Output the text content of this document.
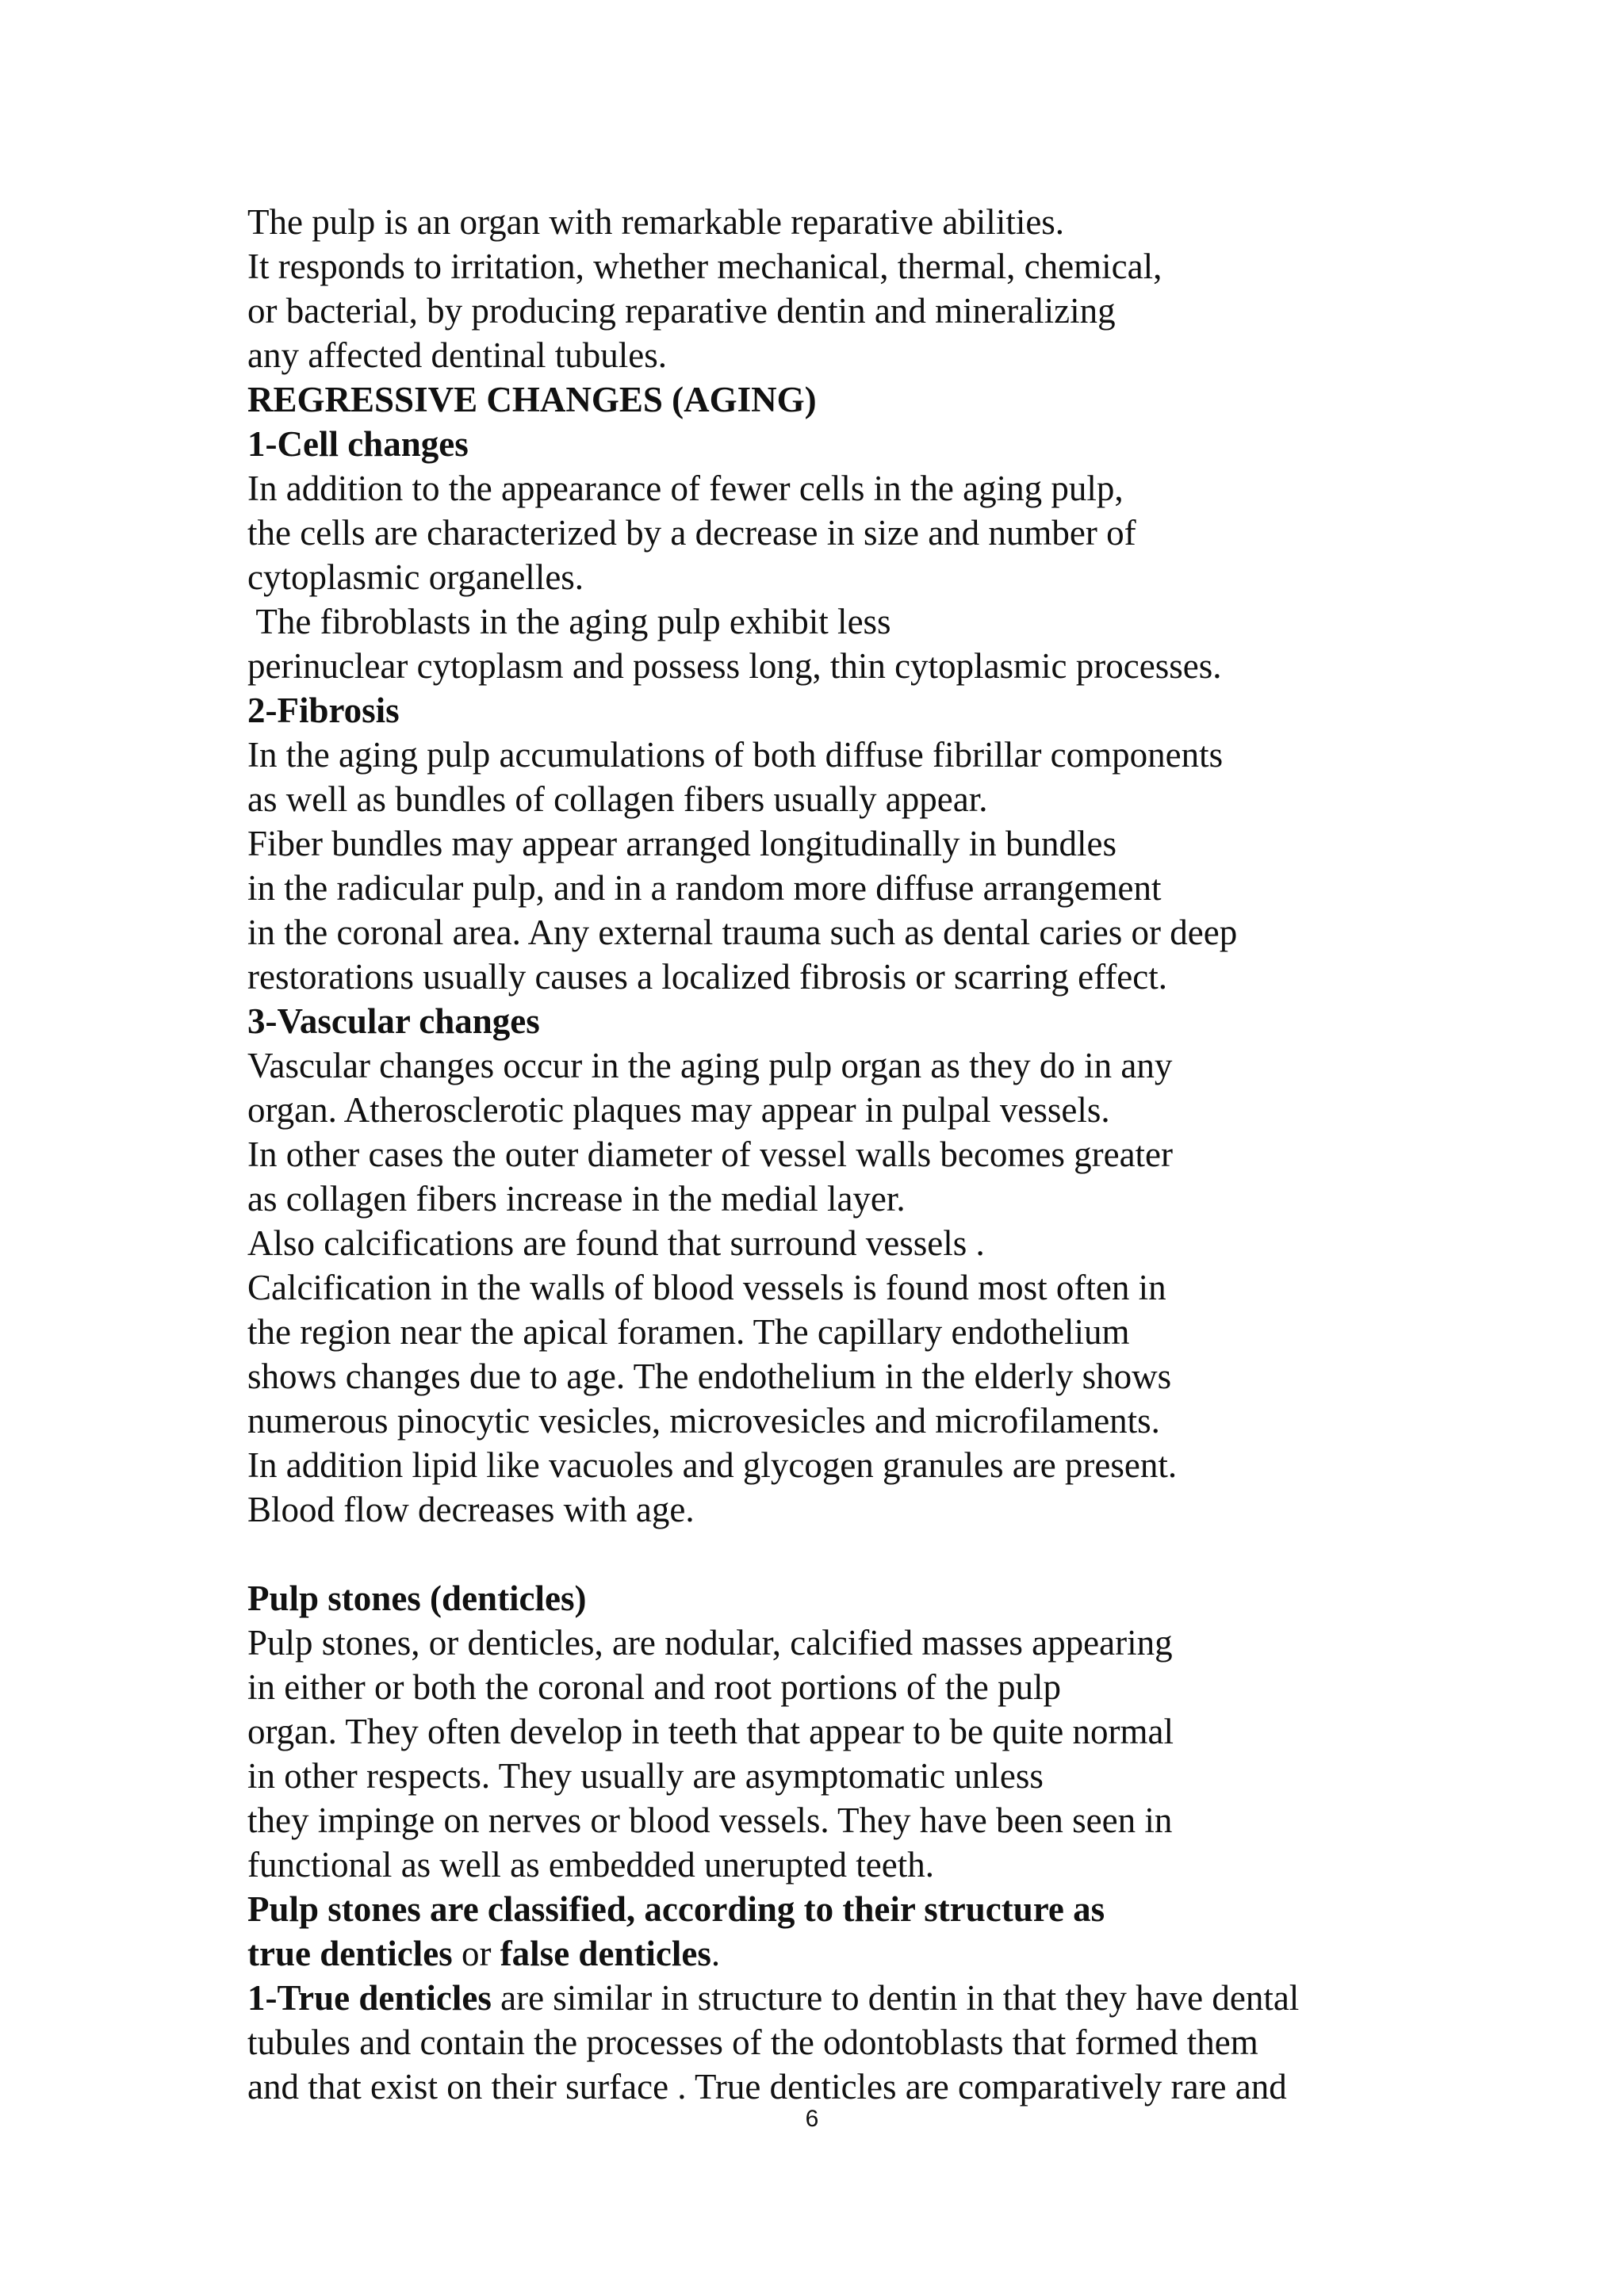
The pulp is an organ with remarkable reparative abilities.
It responds to irritation, whether mechanical, thermal, chemical,
or bacterial, by producing reparative dentin and mineralizing
any affected dentinal tubules.
REGRESSIVE CHANGES (AGING)
1-Cell changes
In addition to the appearance of fewer cells in the aging pulp,
the cells are characterized by a decrease in size and number of
cytoplasmic organelles.
The fibroblasts in the aging pulp exhibit less
perinuclear cytoplasm and possess long, thin cytoplasmic processes.
2-Fibrosis
In the aging pulp accumulations of both diffuse fibrillar components
as well as bundles of collagen fibers usually appear.
Fiber bundles may appear arranged longitudinally in bundles
in the radicular pulp, and in a random more diffuse arrangement
in the coronal area. Any external trauma such as dental caries or deep
restorations usually causes a localized fibrosis or scarring effect.
3-Vascular changes
Vascular changes occur in the aging pulp organ as they do in any
organ. Atherosclerotic plaques may appear in pulpal vessels.
In other cases the outer diameter of vessel walls becomes greater
as collagen fibers increase in the medial layer.
Also calcifications are found that surround vessels .
Calcification in the walls of blood vessels is found most often in
the region near the apical foramen. The capillary endothelium
shows changes due to age. The endothelium in the elderly shows
numerous pinocytic vesicles, microvesicles and microfilaments.
In addition lipid like vacuoles and glycogen granules are present.
Blood flow decreases with age.
Pulp stones (denticles)
Pulp stones, or denticles, are nodular, calcified masses appearing
in either or both the coronal and root portions of the pulp
organ. They often develop in teeth that appear to be quite normal
in other respects. They usually are asymptomatic unless
they impinge on nerves or blood vessels. They have been seen in
functional as well as embedded unerupted teeth.
Pulp stones are classified, according to their structure as
true denticles or false denticles.
1-True denticles are similar in structure to dentin in that they have dental
tubules and contain the processes of the odontoblasts that formed them
and that exist on their surface . True denticles are comparatively rare and
6
